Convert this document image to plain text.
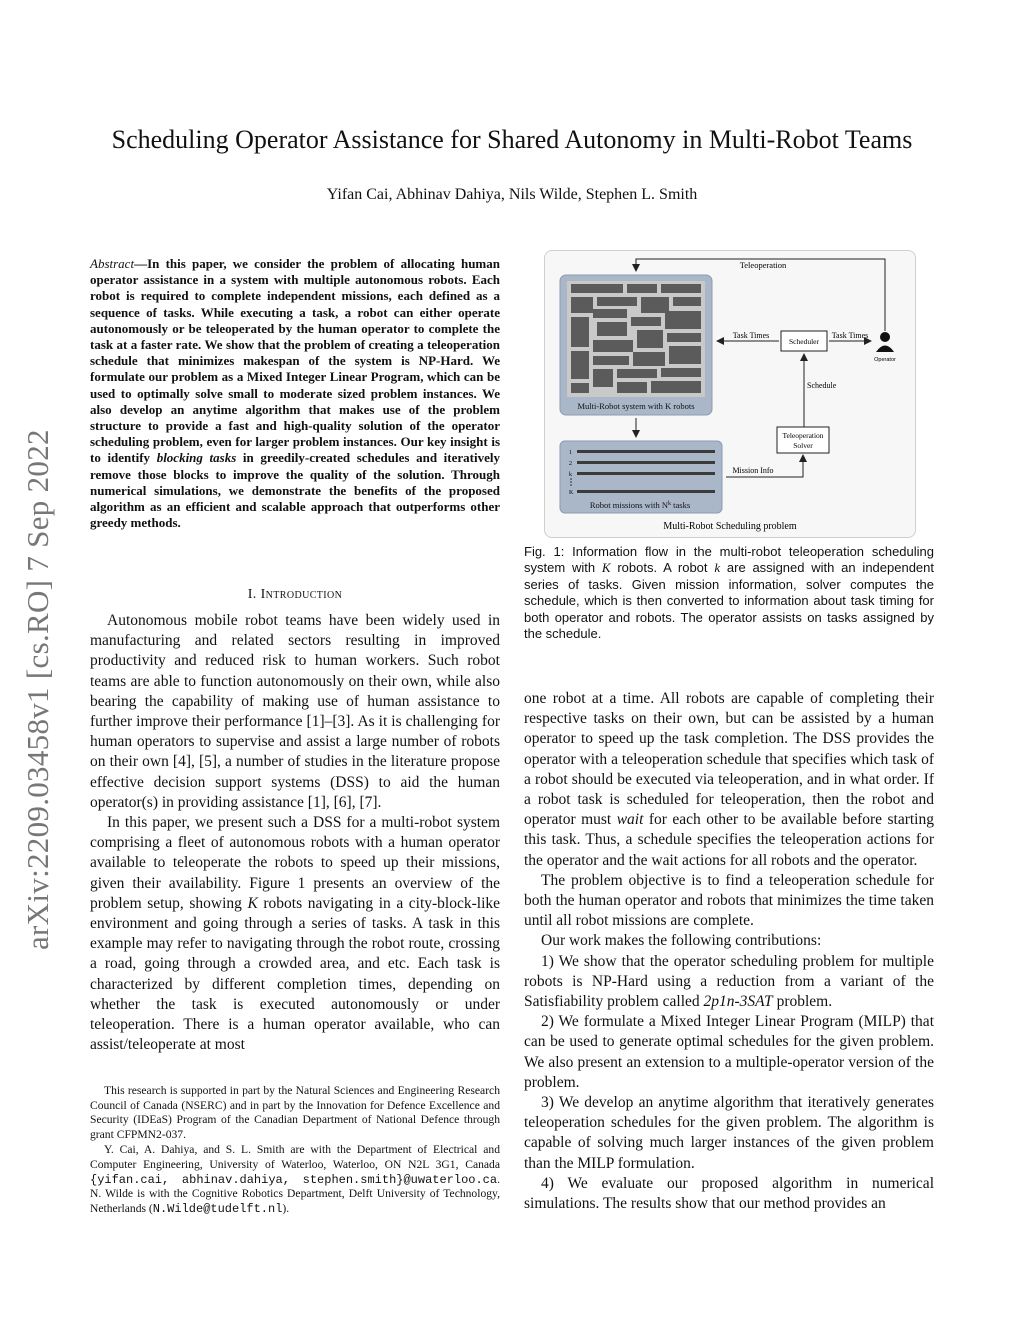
Scheduling Operator Assistance for Shared Autonomy in Multi-Robot Teams
Yifan Cai, Abhinav Dahiya, Nils Wilde, Stephen L. Smith
arXiv:2209.03458v1 [cs.RO] 7 Sep 2022
Abstract—In this paper, we consider the problem of allocating human operator assistance in a system with multiple autonomous robots. Each robot is required to complete independent missions, each defined as a sequence of tasks. While executing a task, a robot can either operate autonomously or be teleoperated by the human operator to complete the task at a faster rate. We show that the problem of creating a teleoperation schedule that minimizes makespan of the system is NP-Hard. We formulate our problem as a Mixed Integer Linear Program, which can be used to optimally solve small to moderate sized problem instances. We also develop an anytime algorithm that makes use of the problem structure to provide a fast and high-quality solution of the operator scheduling problem, even for larger problem instances. Our key insight is to identify blocking tasks in greedily-created schedules and iteratively remove those blocks to improve the quality of the solution. Through numerical simulations, we demonstrate the benefits of the proposed algorithm as an efficient and scalable approach that outperforms other greedy methods.
I. Introduction

Autonomous mobile robot teams have been widely used in manufacturing and related sectors resulting in improved productivity and reduced risk to human workers. Such robot teams are able to function autonomously on their own, while also bearing the capability of making use of human assistance to further improve their performance [1]–[3]. As it is challenging for human operators to supervise and assist a large number of robots on their own [4], [5], a number of studies in the literature propose effective decision support systems (DSS) to aid the human operator(s) in providing assistance [1], [6], [7].

In this paper, we present such a DSS for a multi-robot system comprising a fleet of autonomous robots with a human operator available to teleoperate the robots to speed up their missions, given their availability. Figure 1 presents an overview of the problem setup, showing K robots navigating in a city-block-like environment and going through a series of tasks. A task in this example may refer to navigating through the robot route, crossing a road, going through a crowded area, and etc. Each task is characterized by different completion times, depending on whether the task is executed autonomously or under teleoperation. There is a human operator available, who can assist/teleoperate at most

This research is supported in part by the Natural Sciences and Engineering Research Council of Canada (NSERC) and in part by the Innovation for Defence Excellence and Security (IDEaS) Program of the Canadian Department of National Defence through grant CFPMN2-037.

Y. Cai, A. Dahiya, and S. L. Smith are with the Department of Electrical and Computer Engineering, University of Waterloo, Waterloo, ON N2L 3G1, Canada {yifan.cai, abhinav.dahiya, stephen.smith}@uwaterloo.ca. N. Wilde is with the Cognitive Robotics Department, Delft University of Technology, Netherlands (N.Wilde@tudelft.nl).

Multi-Robot system with K robots
1
2
k
K
Robot missions with $N^k$ tasks
Teleoperation
Scheduler
Task Times	Task Times
Operator
Schedule
Teleoperation
Solver
Mission Info
Multi-Robot Scheduling problem
Fig. 1: Information flow in the multi-robot teleoperation scheduling system with K robots. A robot k are assigned with an independent series of tasks. Given mission information, solver computes the schedule, which is then converted to information about task timing for both operator and robots. The operator assists on tasks assigned by the schedule.

one robot at a time. All robots are capable of completing their respective tasks on their own, but can be assisted by a human operator to speed up the task completion. The DSS provides the operator with a teleoperation schedule that specifies which task of a robot should be executed via teleoperation, and in what order. If a robot task is scheduled for teleoperation, then the robot and operator must wait for each other to be available before starting this task. Thus, a schedule specifies the teleoperation actions for the operator and the wait actions for all robots and the operator.

The problem objective is to find a teleoperation schedule for both the human operator and robots that minimizes the time taken until all robot missions are complete.

Our work makes the following contributions:

1) We show that the operator scheduling problem for multiple robots is NP-Hard using a reduction from a variant of the Satisfiability problem called 2p1n-3SAT problem.

2) We formulate a Mixed Integer Linear Program (MILP) that can be used to generate optimal schedules for the given problem. We also present an extension to a multiple-operator version of the problem.

3) We develop an anytime algorithm that iteratively generates teleoperation schedules for the given problem. The algorithm is capable of solving much larger instances of the given problem than the MILP formulation.

4) We evaluate our proposed algorithm in numerical simulations. The results show that our method provides an
